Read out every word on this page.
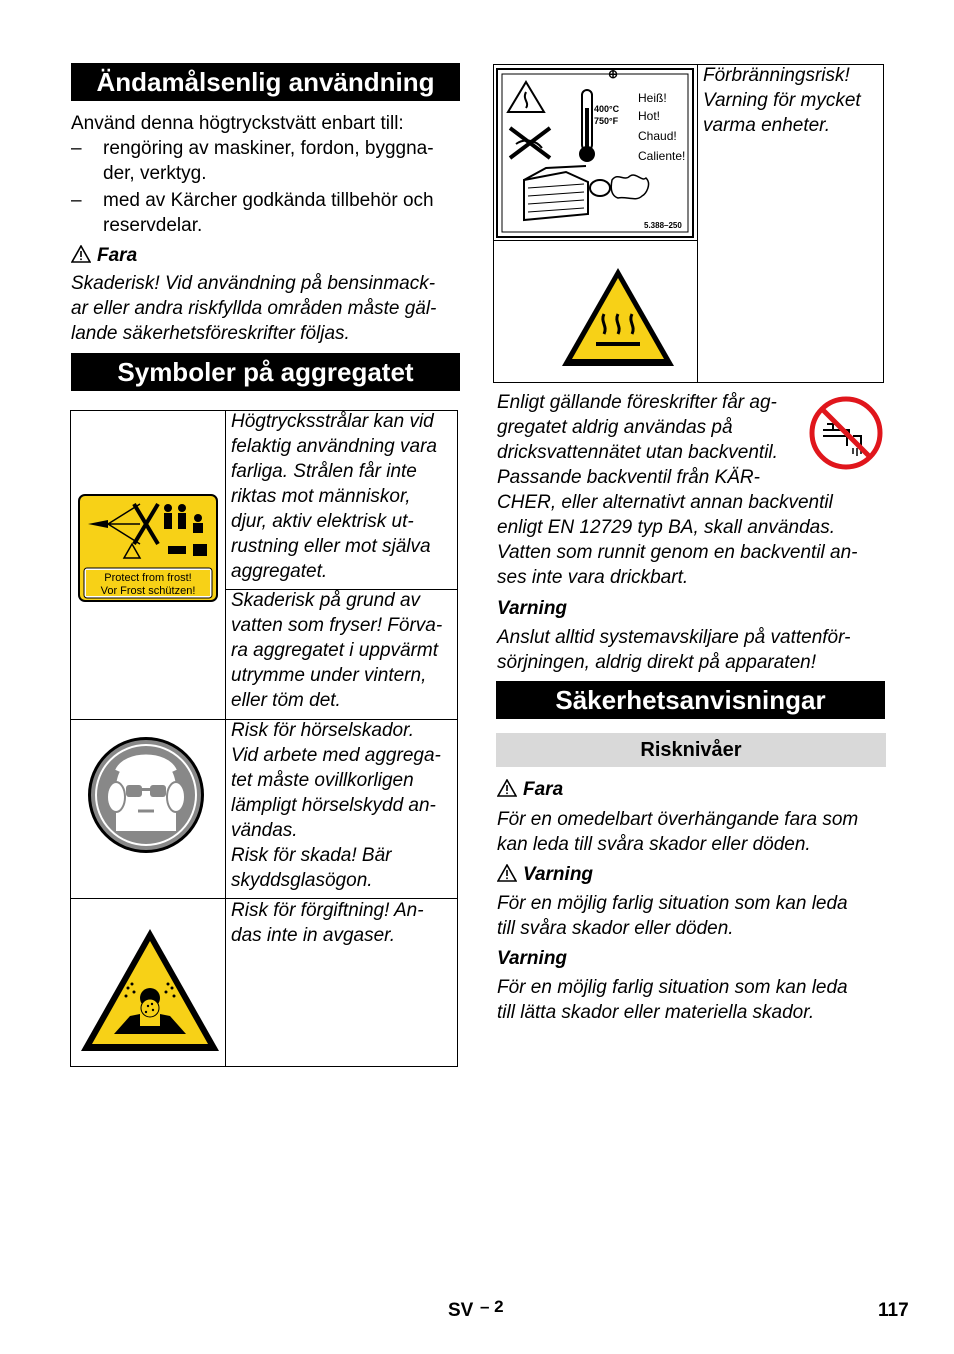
Ändamålsenlig användning
Använd denna högtryckstvätt enbart till:
– rengöring av maskiner, fordon, byggna-
der, verktyg.
– med av Kärcher godkända tillbehör och
reservdelar.
Fara
Skaderisk! Vid användning på bensinmack-
ar eller andra riskfyllda områden måste gäl-
lande säkerhetsföreskrifter följas.
Symboler på aggregatet
Protect from frost!
Vor Frost schützen!
Högtrycksstrålar kan vid
felaktig användning vara
farliga. Strålen får inte
riktas mot människor,
djur, aktiv elektrisk ut-
rustning eller mot själva
aggregatet.
Skaderisk på grund av
vatten som fryser! Förva-
ra aggregatet i uppvärmt
utrymme under vintern,
eller töm det.
Risk för hörselskador.
Vid arbete med aggrega-
tet måste ovillkorligen
lämpligt hörselskydd an-
vändas.
Risk för skada! Bär
skyddsglasögon.
Risk för förgiftning! An-
das inte in avgaser.
⊕
400°C
750°F
Heiß!
Hot!
Chaud!
Caliente!
5.388–250
Förbränningsrisk!
Varning för mycket
varma enheter.
Enligt gällande föreskrifter får ag-
gregatet aldrig användas på
dricksvattennätet utan backventil.
Passande backventil från KÄR-
CHER, eller alternativt annan backventil
enligt EN 12729 typ BA, skall användas.
Vatten som runnit genom en backventil an-
ses inte vara drickbart.
Varning
Anslut alltid systemavskiljare på vattenför-
sörjningen, aldrig direkt på apparaten!
Säkerhetsanvisningar
Risknivåer
Fara
För en omedelbart överhängande fara som
kan leda till svåra skador eller döden.
Varning
För en möjlig farlig situation som kan leda
till svåra skador eller döden.
Varning
För en möjlig farlig situation som kan leda
till lätta skador eller materiella skador.
SV – 2	117
